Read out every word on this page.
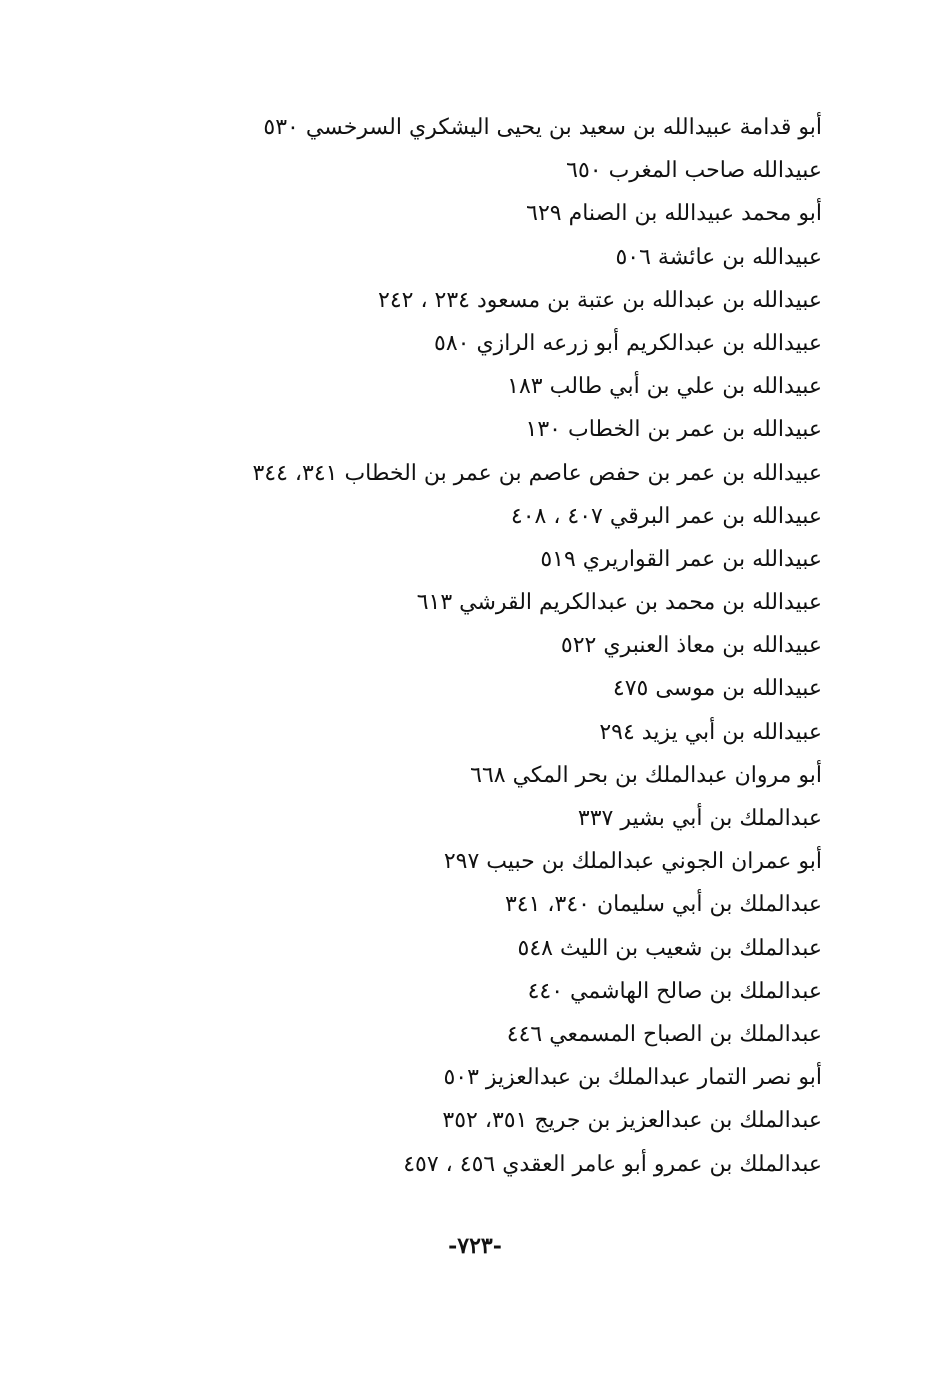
أبو قدامة عبيدالله بن سعيد بن يحيى اليشكري السرخسي ٥٣٠
عبيدالله صاحب المغرب ٦٥٠
أبو محمد عبيدالله بن الصنام ٦٢٩
عبيدالله بن عائشة ٥٠٦
عبيدالله بن عبدالله بن عتبة بن مسعود ٢٣٤ ، ٢٤٢
عبيدالله بن عبدالكريم أبو زرعه الرازي ٥٨٠
عبيدالله بن علي بن أبي طالب ١٨٣
عبيدالله بن عمر بن الخطاب ١٣٠
عبيدالله بن عمر بن حفص عاصم بن عمر بن الخطاب ٣٤١، ٣٤٤
عبيدالله بن عمر البرقي ٤٠٧ ، ٤٠٨
عبيدالله بن عمر القواريري ٥١٩
عبيدالله بن محمد بن عبدالكريم القرشي ٦١٣
عبيدالله بن معاذ العنبري ٥٢٢
عبيدالله بن موسى ٤٧٥
عبيدالله بن أبي يزيد ٢٩٤
أبو مروان عبدالملك بن بحر المكي ٦٦٨
عبدالملك بن أبي بشير ٣٣٧
أبو عمران الجوني عبدالملك بن حبيب ٢٩٧
عبدالملك بن أبي سليمان ٣٤٠، ٣٤١
عبدالملك بن شعيب بن الليث ٥٤٨
عبدالملك بن صالح الهاشمي ٤٤٠
عبدالملك بن الصباح المسمعي ٤٤٦
أبو نصر التمار عبدالملك بن عبدالعزيز ٥٠٣
عبدالملك بن عبدالعزيز بن جريج ٣٥١، ٣٥٢
عبدالملك بن عمرو أبو عامر العقدي ٤٥٦ ، ٤٥٧
-٧٢٣-
